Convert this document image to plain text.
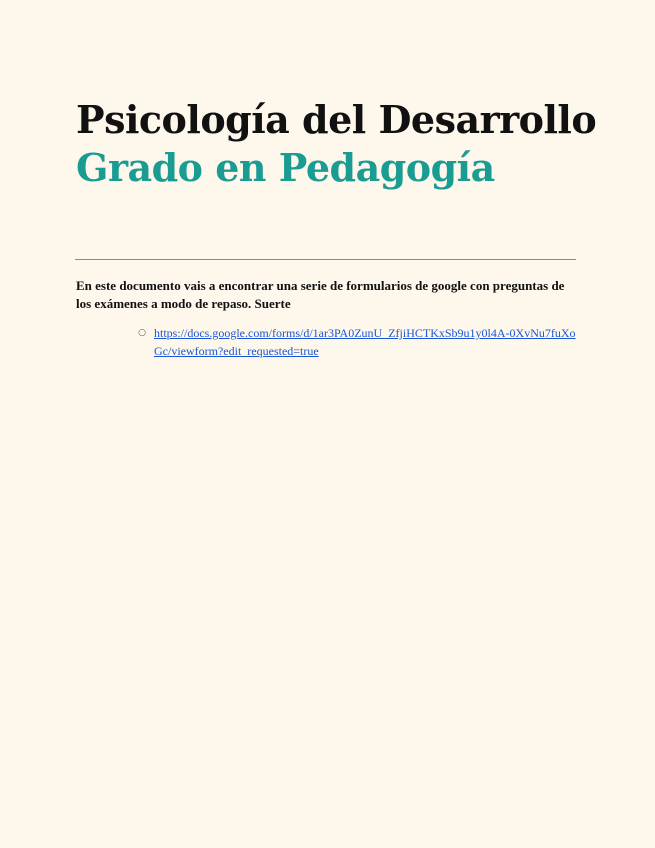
Psicología del Desarrollo
Grado en Pedagogía

En este documento vais a encontrar una serie de formularios de google con preguntas de los exámenes a modo de repaso. Suerte

○ https://docs.google.com/forms/d/1ar3PA0ZunU_ZfjiHCTKxSb9u1y0l4A-0XvNu7fuXoGc/viewform?edit_requested=true
